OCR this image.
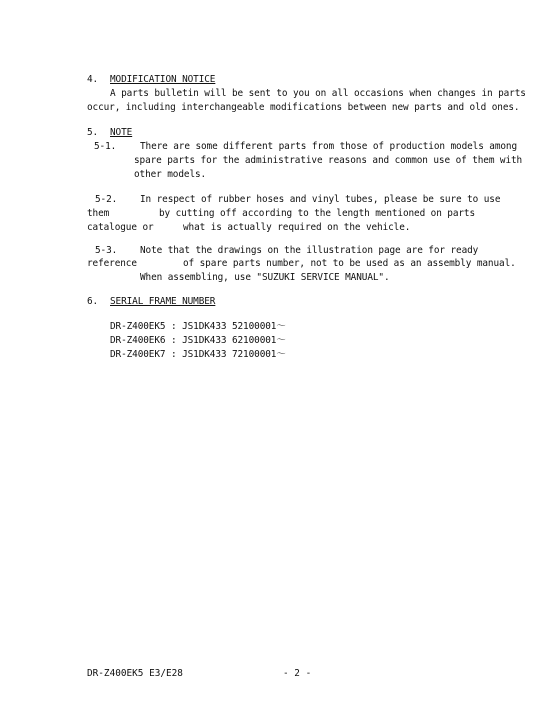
4. MODIFICATION NOTICE
A parts bulletin will be sent to you on all occasions when changes in parts
occur, including interchangeable modifications between new parts and old ones.
5. NOTE
5-1.	There are some different parts from those of production models among
spare parts for the administrative reasons and common use of them with
other models.
5-2. In respect of rubber hoses and vinyl tubes, please be sure to use
them	by cutting off according to the length mentioned on parts
catalogue or	what is actually required on the vehicle.
5-3. Note that the drawings on the illustration page are for ready
reference	of spare parts number, not to be used as an assembly manual.
When assembling, use "SUZUKI SERVICE MANUAL".
6. SERIAL FRAME NUMBER
DR-Z400EK5 : JS1DK433 52100001～
DR-Z400EK6 : JS1DK433 62100001～
DR-Z400EK7 : JS1DK433 72100001～
DR-Z400EK5 E3/E28	- 2 -
